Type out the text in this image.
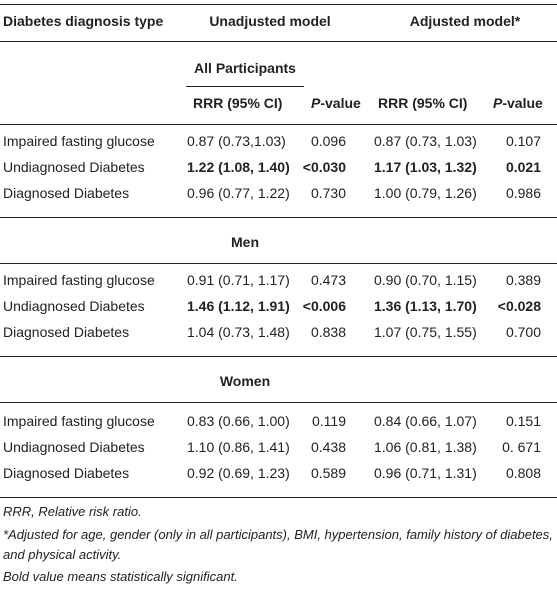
Diabetes diagnosis type	Unadjusted model	Adjusted model*
All Participants
RRR (95% CI) P-value RRR (95% CI) P-value
Impaired fasting glucose 0.87 (0.73,1.03) 0.096 0.87 (0.73, 1.03) 0.107
Undiagnosed Diabetes	1.22 (1.08, 1.40) <0.030 1.17 (1.03, 1.32) 0.021
Diagnosed Diabetes	0.96 (0.77, 1.22) 0.730 1.00 (0.79, 1.26) 0.986
Men
Impaired fasting glucose 0.91 (0.71, 1.17) 0.473 0.90 (0.70, 1.15) 0.389
Undiagnosed Diabetes	1.46 (1.12, 1.91) <0.006 1.36 (1.13, 1.70) <0.028
Diagnosed Diabetes	1.04 (0.73, 1.48) 0.838 1.07 (0.75, 1.55) 0.700
Women
Impaired fasting glucose 0.83 (0.66, 1.00) 0.119 0.84 (0.66, 1.07) 0.151
Undiagnosed Diabetes	1.10 (0.86, 1.41) 0.438 1.06 (0.81, 1.38) 0. 671
Diagnosed Diabetes	0.92 (0.69, 1.23) 0.589 0.96 (0.71, 1.31) 0.808
RRR, Relative risk ratio.
*Adjusted for age, gender (only in all participants), BMI, hypertension, family history of diabetes, and physical activity.
Bold value means statistically significant.
